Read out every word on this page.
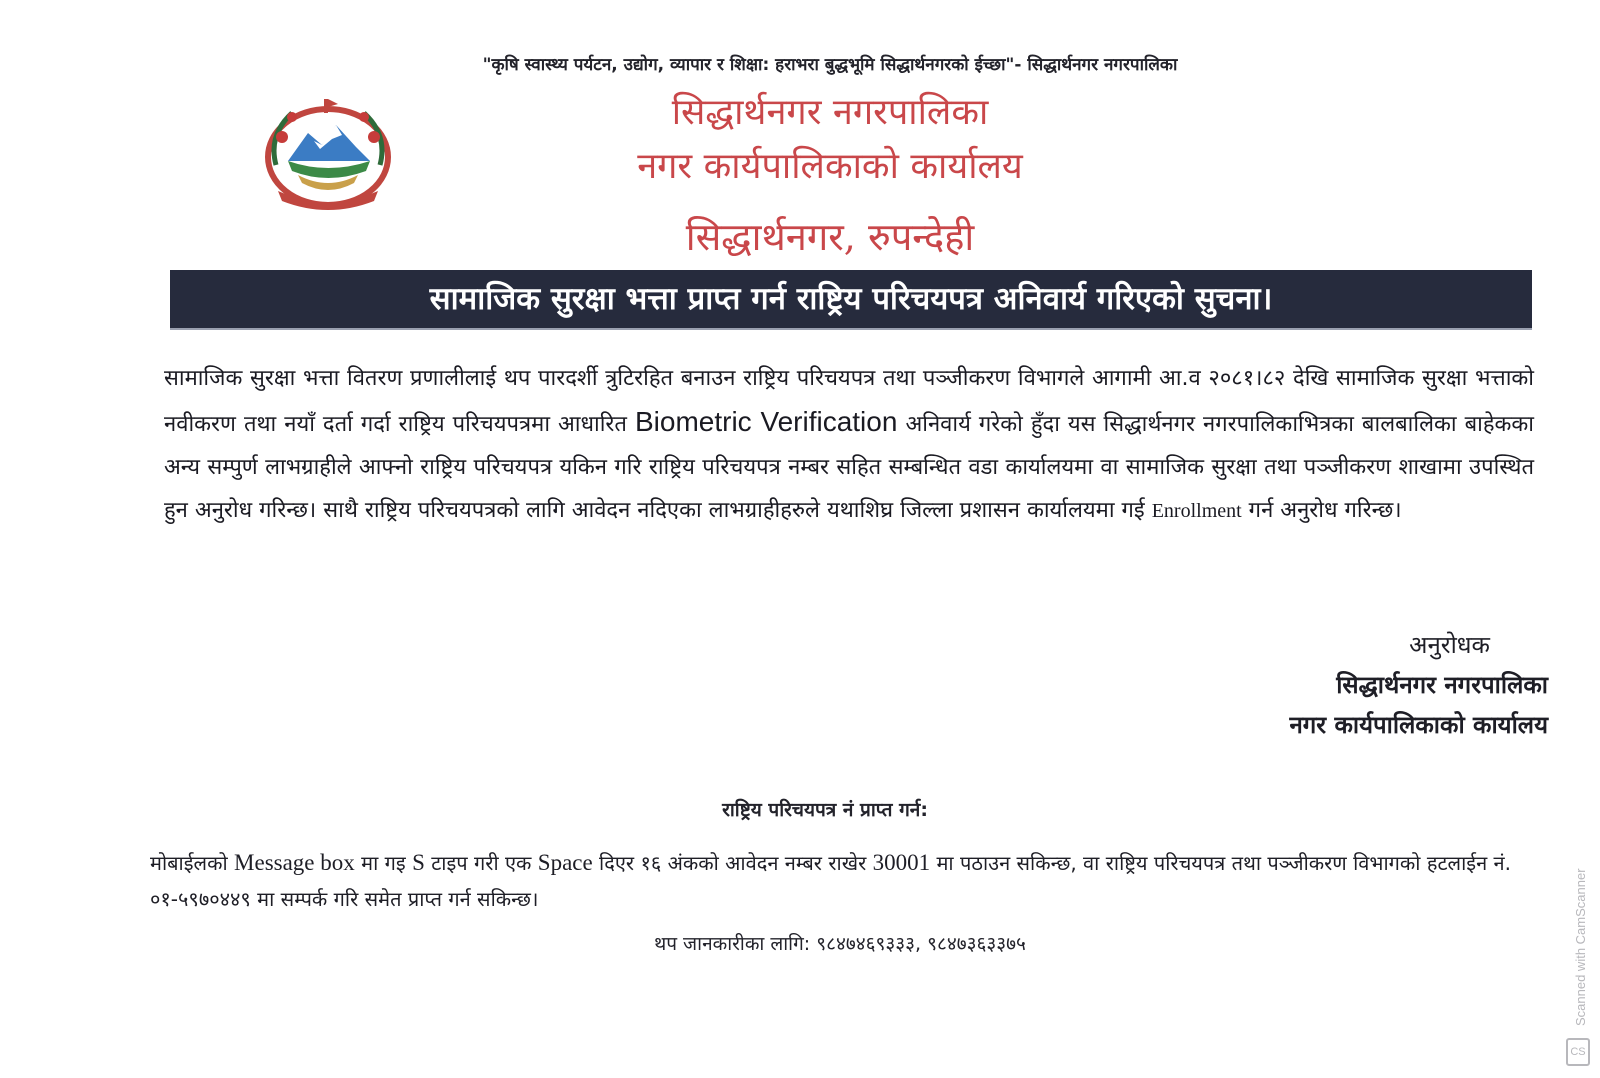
"कृषि स्वास्थ्य पर्यटन, उद्योग, व्यापार र शिक्षा: हराभरा बुद्धभूमि सिद्धार्थनगरको ईच्छा"- सिद्धार्थनगर नगरपालिका
सिद्धार्थनगर नगरपालिका
नगर कार्यपालिकाको कार्यालय
सिद्धार्थनगर, रुपन्देही
सामाजिक सुरक्षा भत्ता प्राप्त गर्न राष्ट्रिय परिचयपत्र अनिवार्य गरिएको सुचना।
सामाजिक सुरक्षा भत्ता वितरण प्रणालीलाई थप पारदर्शी त्रुटिरहित बनाउन राष्ट्रिय परिचयपत्र तथा पञ्जीकरण विभागले आगामी आ.व २०८१।८२ देखि सामाजिक सुरक्षा भत्ताको नवीकरण तथा नयाँ दर्ता गर्दा राष्ट्रिय परिचयपत्रमा आधारित Biometric Verification अनिवार्य गरेको हुँदा यस सिद्धार्थनगर नगरपालिकाभित्रका बालबालिका बाहेकका अन्य सम्पुर्ण लाभग्राहीले आफ्नो राष्ट्रिय परिचयपत्र यकिन गरि राष्ट्रिय परिचयपत्र नम्बर सहित सम्बन्धित वडा कार्यालयमा वा सामाजिक सुरक्षा तथा पञ्जीकरण शाखामा उपस्थित हुन अनुरोध गरिन्छ। साथै राष्ट्रिय परिचयपत्रको लागि आवेदन नदिएका लाभग्राहीहरुले यथाशिघ्र जिल्ला प्रशासन कार्यालयमा गई Enrollment गर्न अनुरोध गरिन्छ।
अनुरोधक
सिद्धार्थनगर नगरपालिका
नगर कार्यपालिकाको कार्यालय
राष्ट्रिय परिचयपत्र नं प्राप्त गर्न:
मोबाईलको Message box मा गइ S टाइप गरी एक Space दिएर १६ अंकको आवेदन नम्बर राखेर 30001 मा पठाउन सकिन्छ, वा राष्ट्रिय परिचयपत्र तथा पञ्जीकरण विभागको हटलाईन नं. ०१-५९७०४४९ मा सम्पर्क गरि समेत प्राप्त गर्न सकिन्छ।
थप जानकारीका लागि: ९८४७४६९३३३, ९८४७३६३३७५	Scanned with CamScanner
CS
